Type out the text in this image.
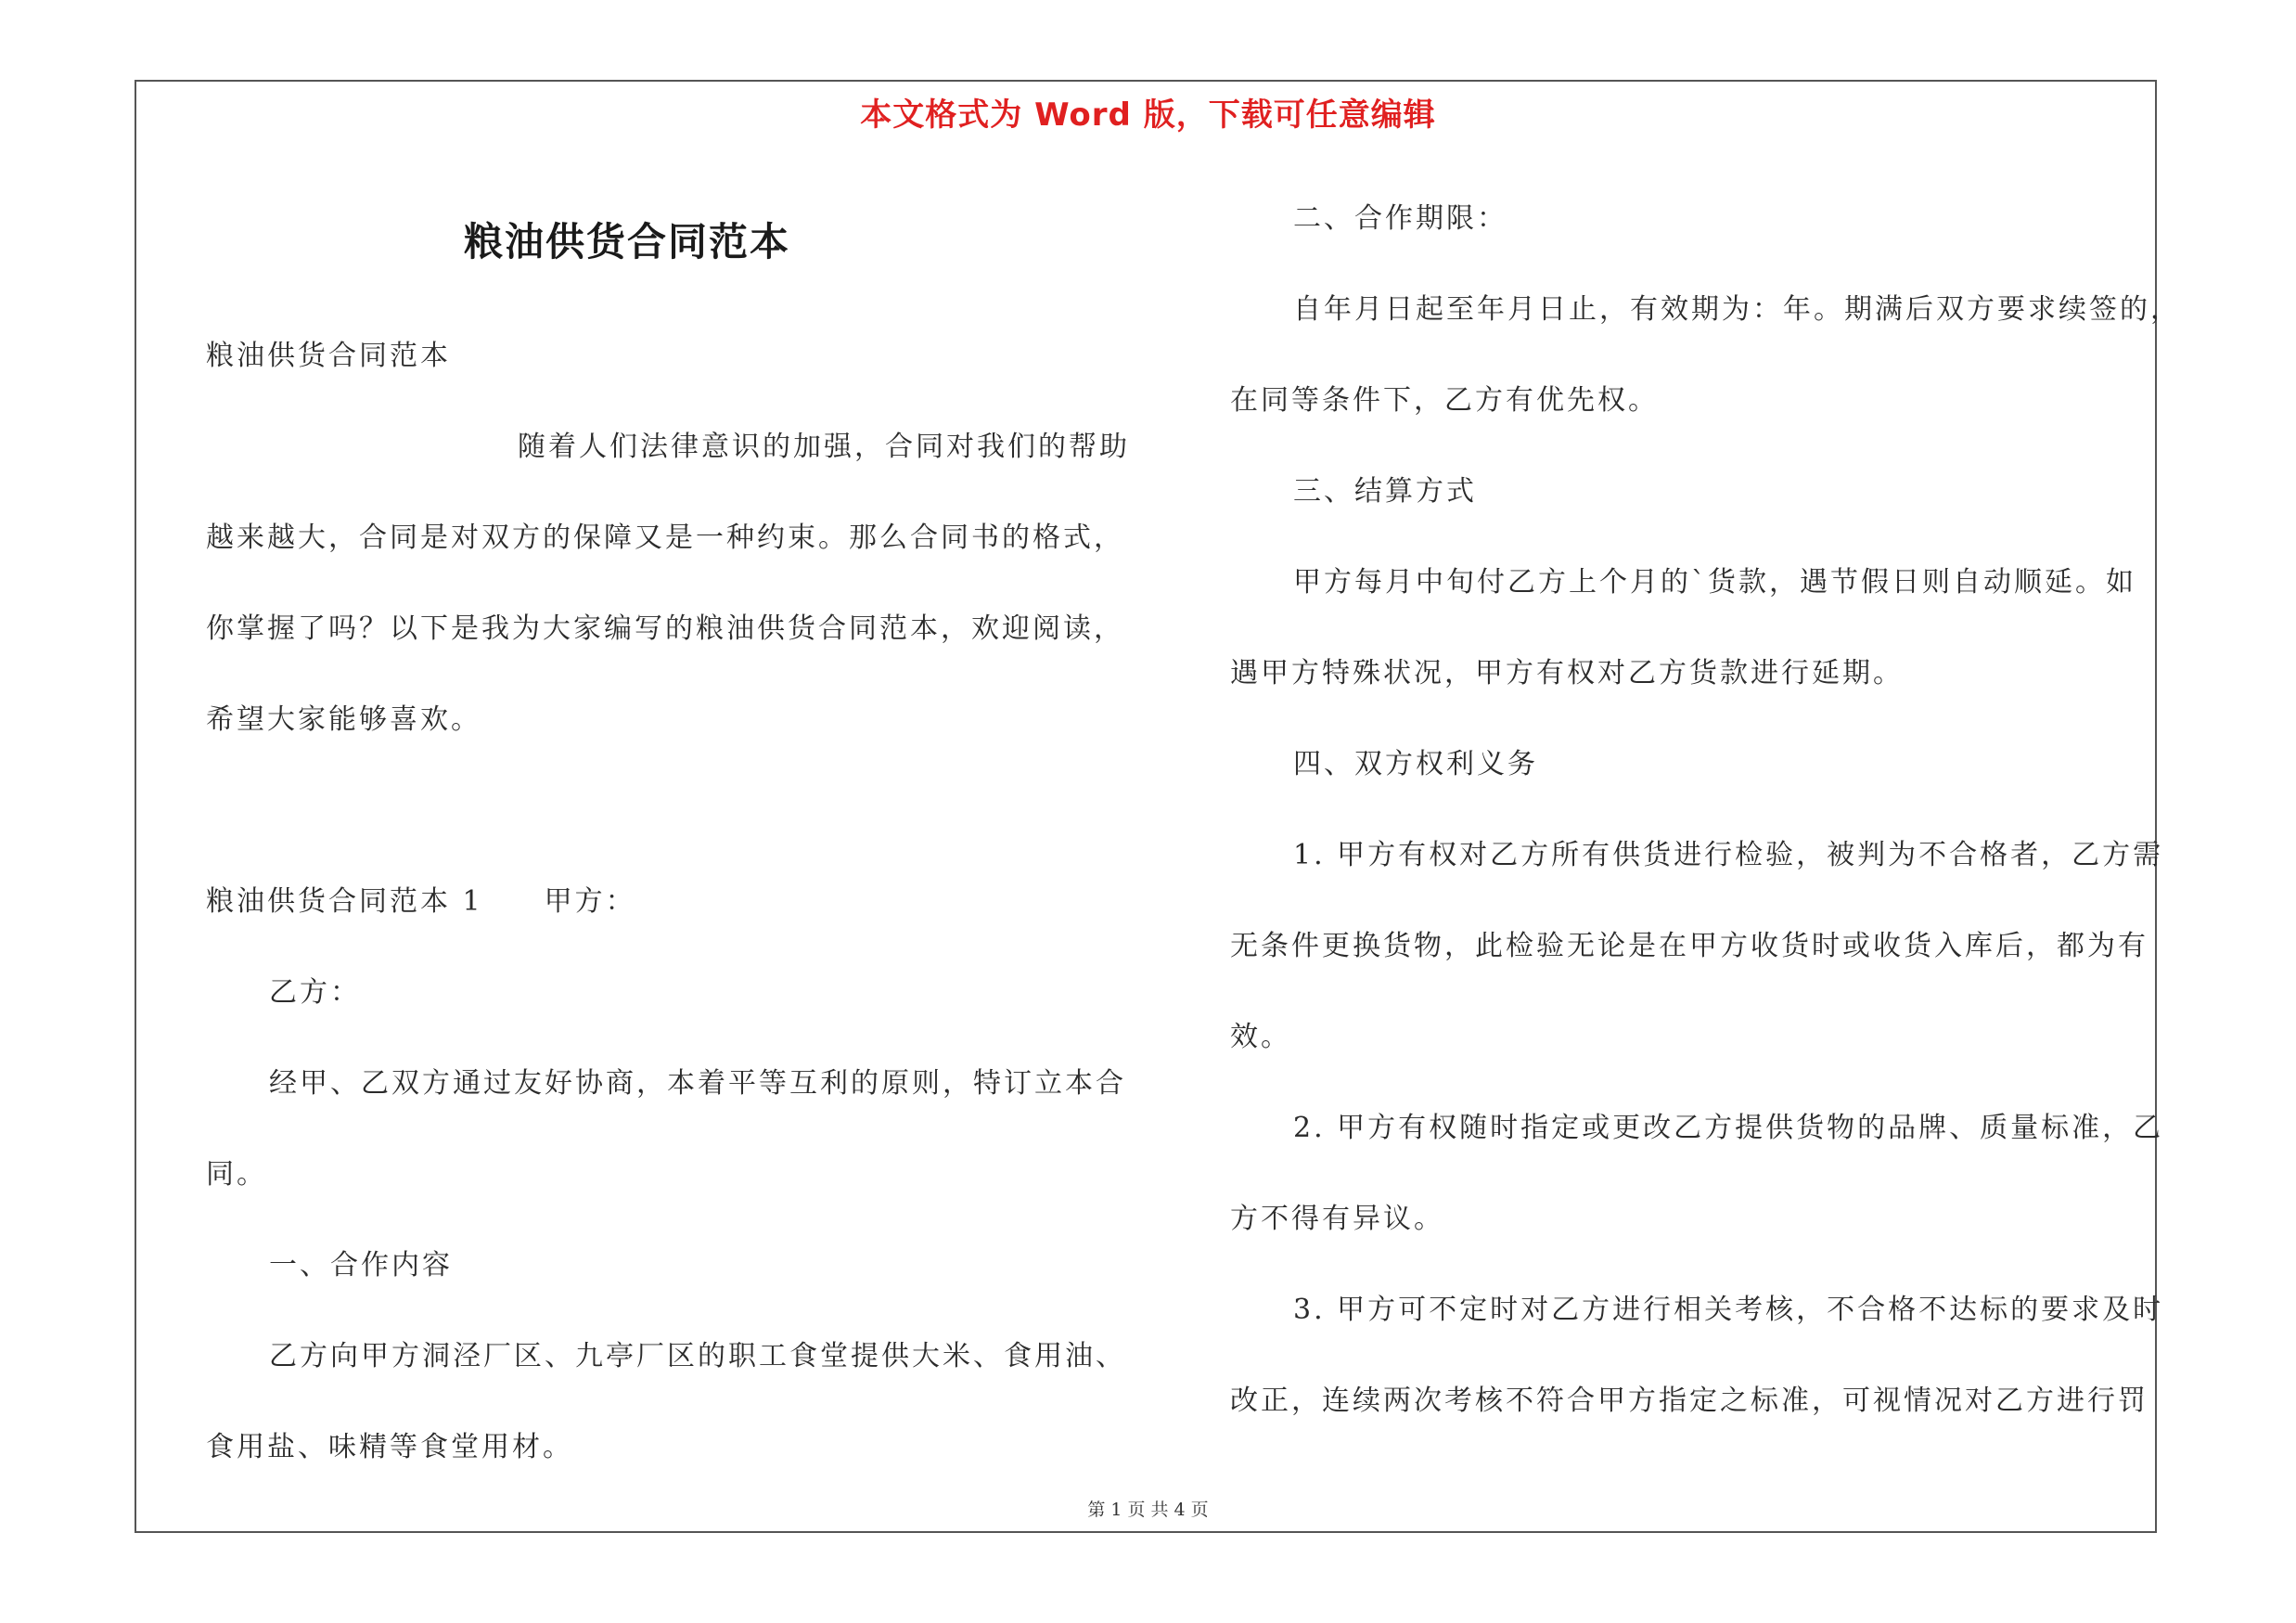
本文格式为 Word 版，下载可任意编辑
粮油供货合同范本
粮油供货合同范本
随着人们法律意识的加强，合同对我们的帮助
越来越大，合同是对双方的保障又是一种约束。那么合同书的格式，
你掌握了吗？以下是我为大家编写的粮油供货合同范本，欢迎阅读，
希望大家能够喜欢。
粮油供货合同范本 1　　甲方：
乙方：
经甲、乙双方通过友好协商，本着平等互利的原则，特订立本合
同。
一、合作内容
乙方向甲方洞泾厂区、九亭厂区的职工食堂提供大米、食用油、
食用盐、味精等食堂用材。
二、合作期限：
自年月日起至年月日止，有效期为：年。期满后双方要求续签的，
在同等条件下，乙方有优先权。
三、结算方式
甲方每月中旬付乙方上个月的`货款，遇节假日则自动顺延。如
遇甲方特殊状况，甲方有权对乙方货款进行延期。
四、双方权利义务
1. 甲方有权对乙方所有供货进行检验，被判为不合格者，乙方需
无条件更换货物，此检验无论是在甲方收货时或收货入库后，都为有
效。
2. 甲方有权随时指定或更改乙方提供货物的品牌、质量标准，乙
方不得有异议。
3. 甲方可不定时对乙方进行相关考核，不合格不达标的要求及时
改正，连续两次考核不符合甲方指定之标准，可视情况对乙方进行罚
第 1 页 共 4 页
